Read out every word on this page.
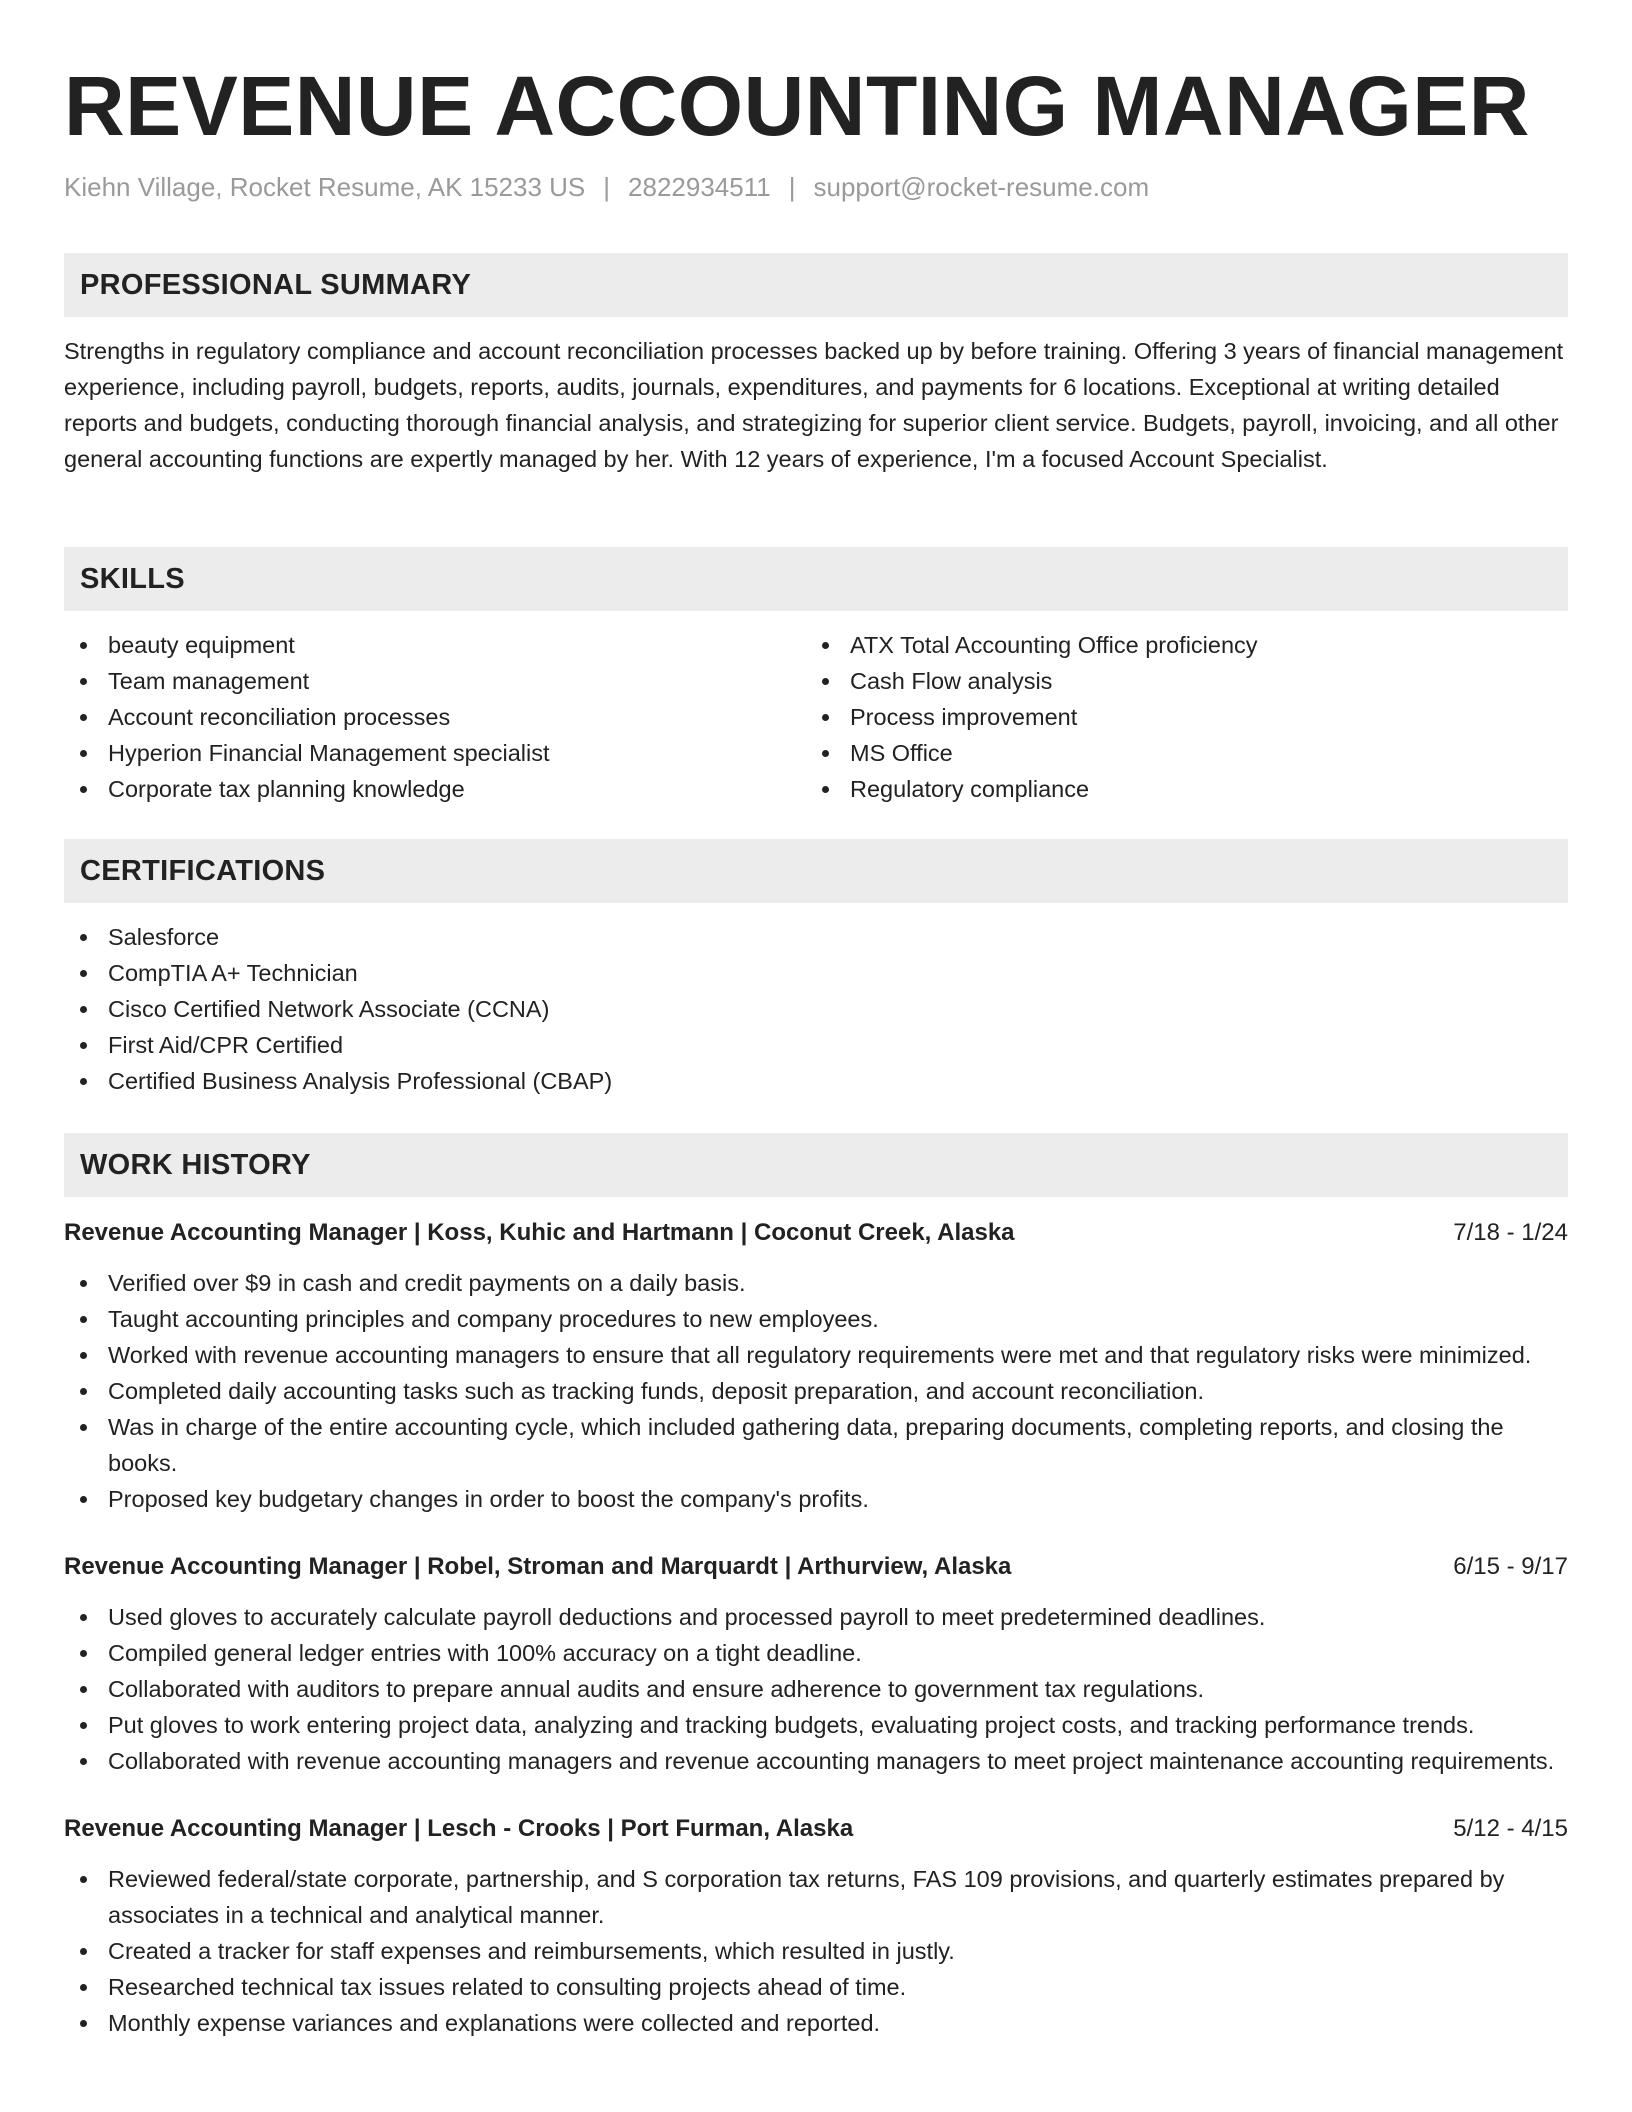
REVENUE ACCOUNTING MANAGER
Kiehn Village, Rocket Resume, AK 15233 US | 2822934511 | support@rocket-resume.com
PROFESSIONAL SUMMARY
Strengths in regulatory compliance and account reconciliation processes backed up by before training. Offering 3 years of financial management experience, including payroll, budgets, reports, audits, journals, expenditures, and payments for 6 locations. Exceptional at writing detailed reports and budgets, conducting thorough financial analysis, and strategizing for superior client service. Budgets, payroll, invoicing, and all other general accounting functions are expertly managed by her. With 12 years of experience, I'm a focused Account Specialist.
SKILLS
beauty equipment
Team management
Account reconciliation processes
Hyperion Financial Management specialist
Corporate tax planning knowledge
ATX Total Accounting Office proficiency
Cash Flow analysis
Process improvement
MS Office
Regulatory compliance
CERTIFICATIONS
Salesforce
CompTIA A+ Technician
Cisco Certified Network Associate (CCNA)
First Aid/CPR Certified
Certified Business Analysis Professional (CBAP)
WORK HISTORY
Revenue Accounting Manager | Koss, Kuhic and Hartmann | Coconut Creek, Alaska	7/18 - 1/24
Verified over $9 in cash and credit payments on a daily basis.
Taught accounting principles and company procedures to new employees.
Worked with revenue accounting managers to ensure that all regulatory requirements were met and that regulatory risks were minimized.
Completed daily accounting tasks such as tracking funds, deposit preparation, and account reconciliation.
Was in charge of the entire accounting cycle, which included gathering data, preparing documents, completing reports, and closing the books.
Proposed key budgetary changes in order to boost the company's profits.
Revenue Accounting Manager | Robel, Stroman and Marquardt | Arthurview, Alaska	6/15 - 9/17
Used gloves to accurately calculate payroll deductions and processed payroll to meet predetermined deadlines.
Compiled general ledger entries with 100% accuracy on a tight deadline.
Collaborated with auditors to prepare annual audits and ensure adherence to government tax regulations.
Put gloves to work entering project data, analyzing and tracking budgets, evaluating project costs, and tracking performance trends.
Collaborated with revenue accounting managers and revenue accounting managers to meet project maintenance accounting requirements.
Revenue Accounting Manager | Lesch - Crooks | Port Furman, Alaska	5/12 - 4/15
Reviewed federal/state corporate, partnership, and S corporation tax returns, FAS 109 provisions, and quarterly estimates prepared by associates in a technical and analytical manner.
Created a tracker for staff expenses and reimbursements, which resulted in justly.
Researched technical tax issues related to consulting projects ahead of time.
Monthly expense variances and explanations were collected and reported.
